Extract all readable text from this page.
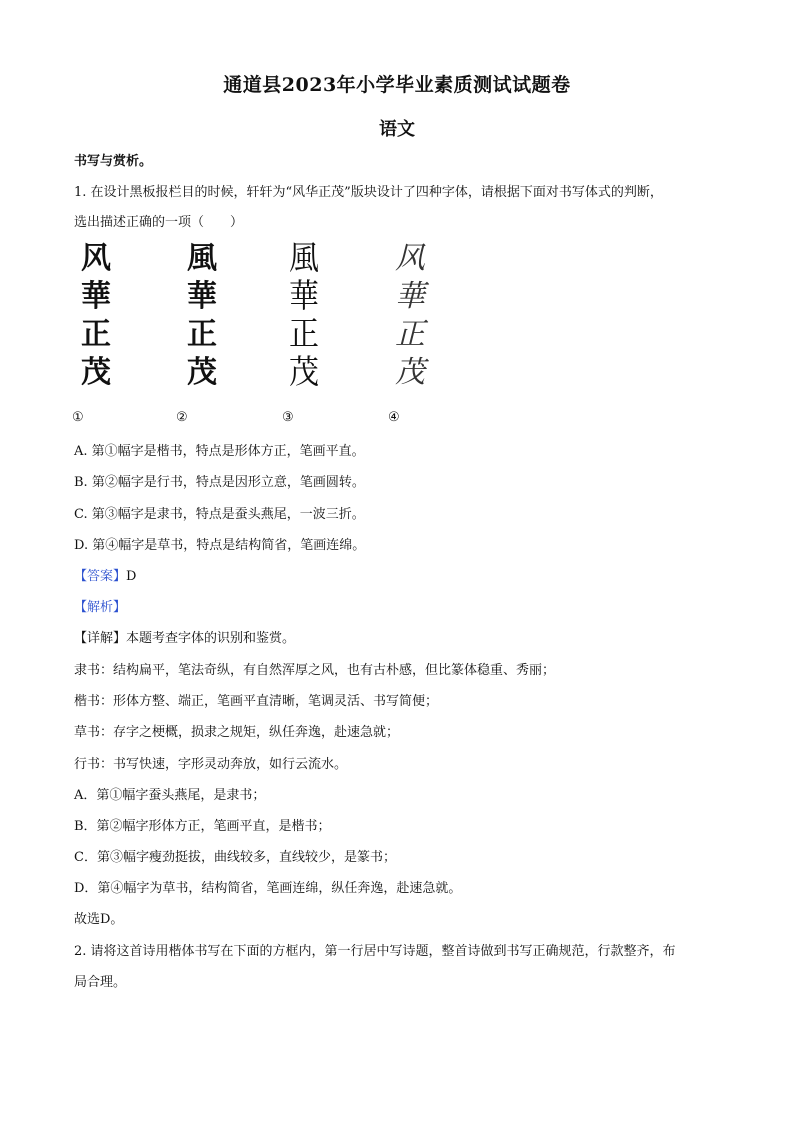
通道县2023年小学毕业素质测试试题卷
语文
书写与赏析。
1. 在设计黑板报栏目的时候，轩轩为“风华正茂”版块设计了四种字体，请根据下面对书写体式的判断，
选出描述正确的一项（　　）
风
華
正
茂
風
華
正
茂
風
華
正
茂
风
華
正
茂
①	②	③	④
A. 第①幅字是楷书，特点是形体方正，笔画平直。
B. 第②幅字是行书，特点是因形立意，笔画圆转。
C. 第③幅字是隶书，特点是蚕头燕尾，一波三折。
D. 第④幅字是草书，特点是结构简省，笔画连绵。
【答案】D
【解析】
【详解】本题考查字体的识别和鉴赏。
隶书：结构扁平，笔法奇纵，有自然浑厚之风，也有古朴感，但比篆体稳重、秀丽；
楷书：形体方整、端正，笔画平直清晰，笔调灵活、书写简便；
草书：存字之梗概，损隶之规矩，纵任奔逸，赴速急就；
行书：书写快速，字形灵动奔放，如行云流水。
A．第①幅字蚕头燕尾，是隶书；
B．第②幅字形体方正，笔画平直，是楷书；
C．第③幅字瘦劲挺拔，曲线较多，直线较少，是篆书；
D．第④幅字为草书，结构简省，笔画连绵，纵任奔逸，赴速急就。
故选D。
2. 请将这首诗用楷体书写在下面的方框内，第一行居中写诗题，整首诗做到书写正确规范，行款整齐，布
局合理。
